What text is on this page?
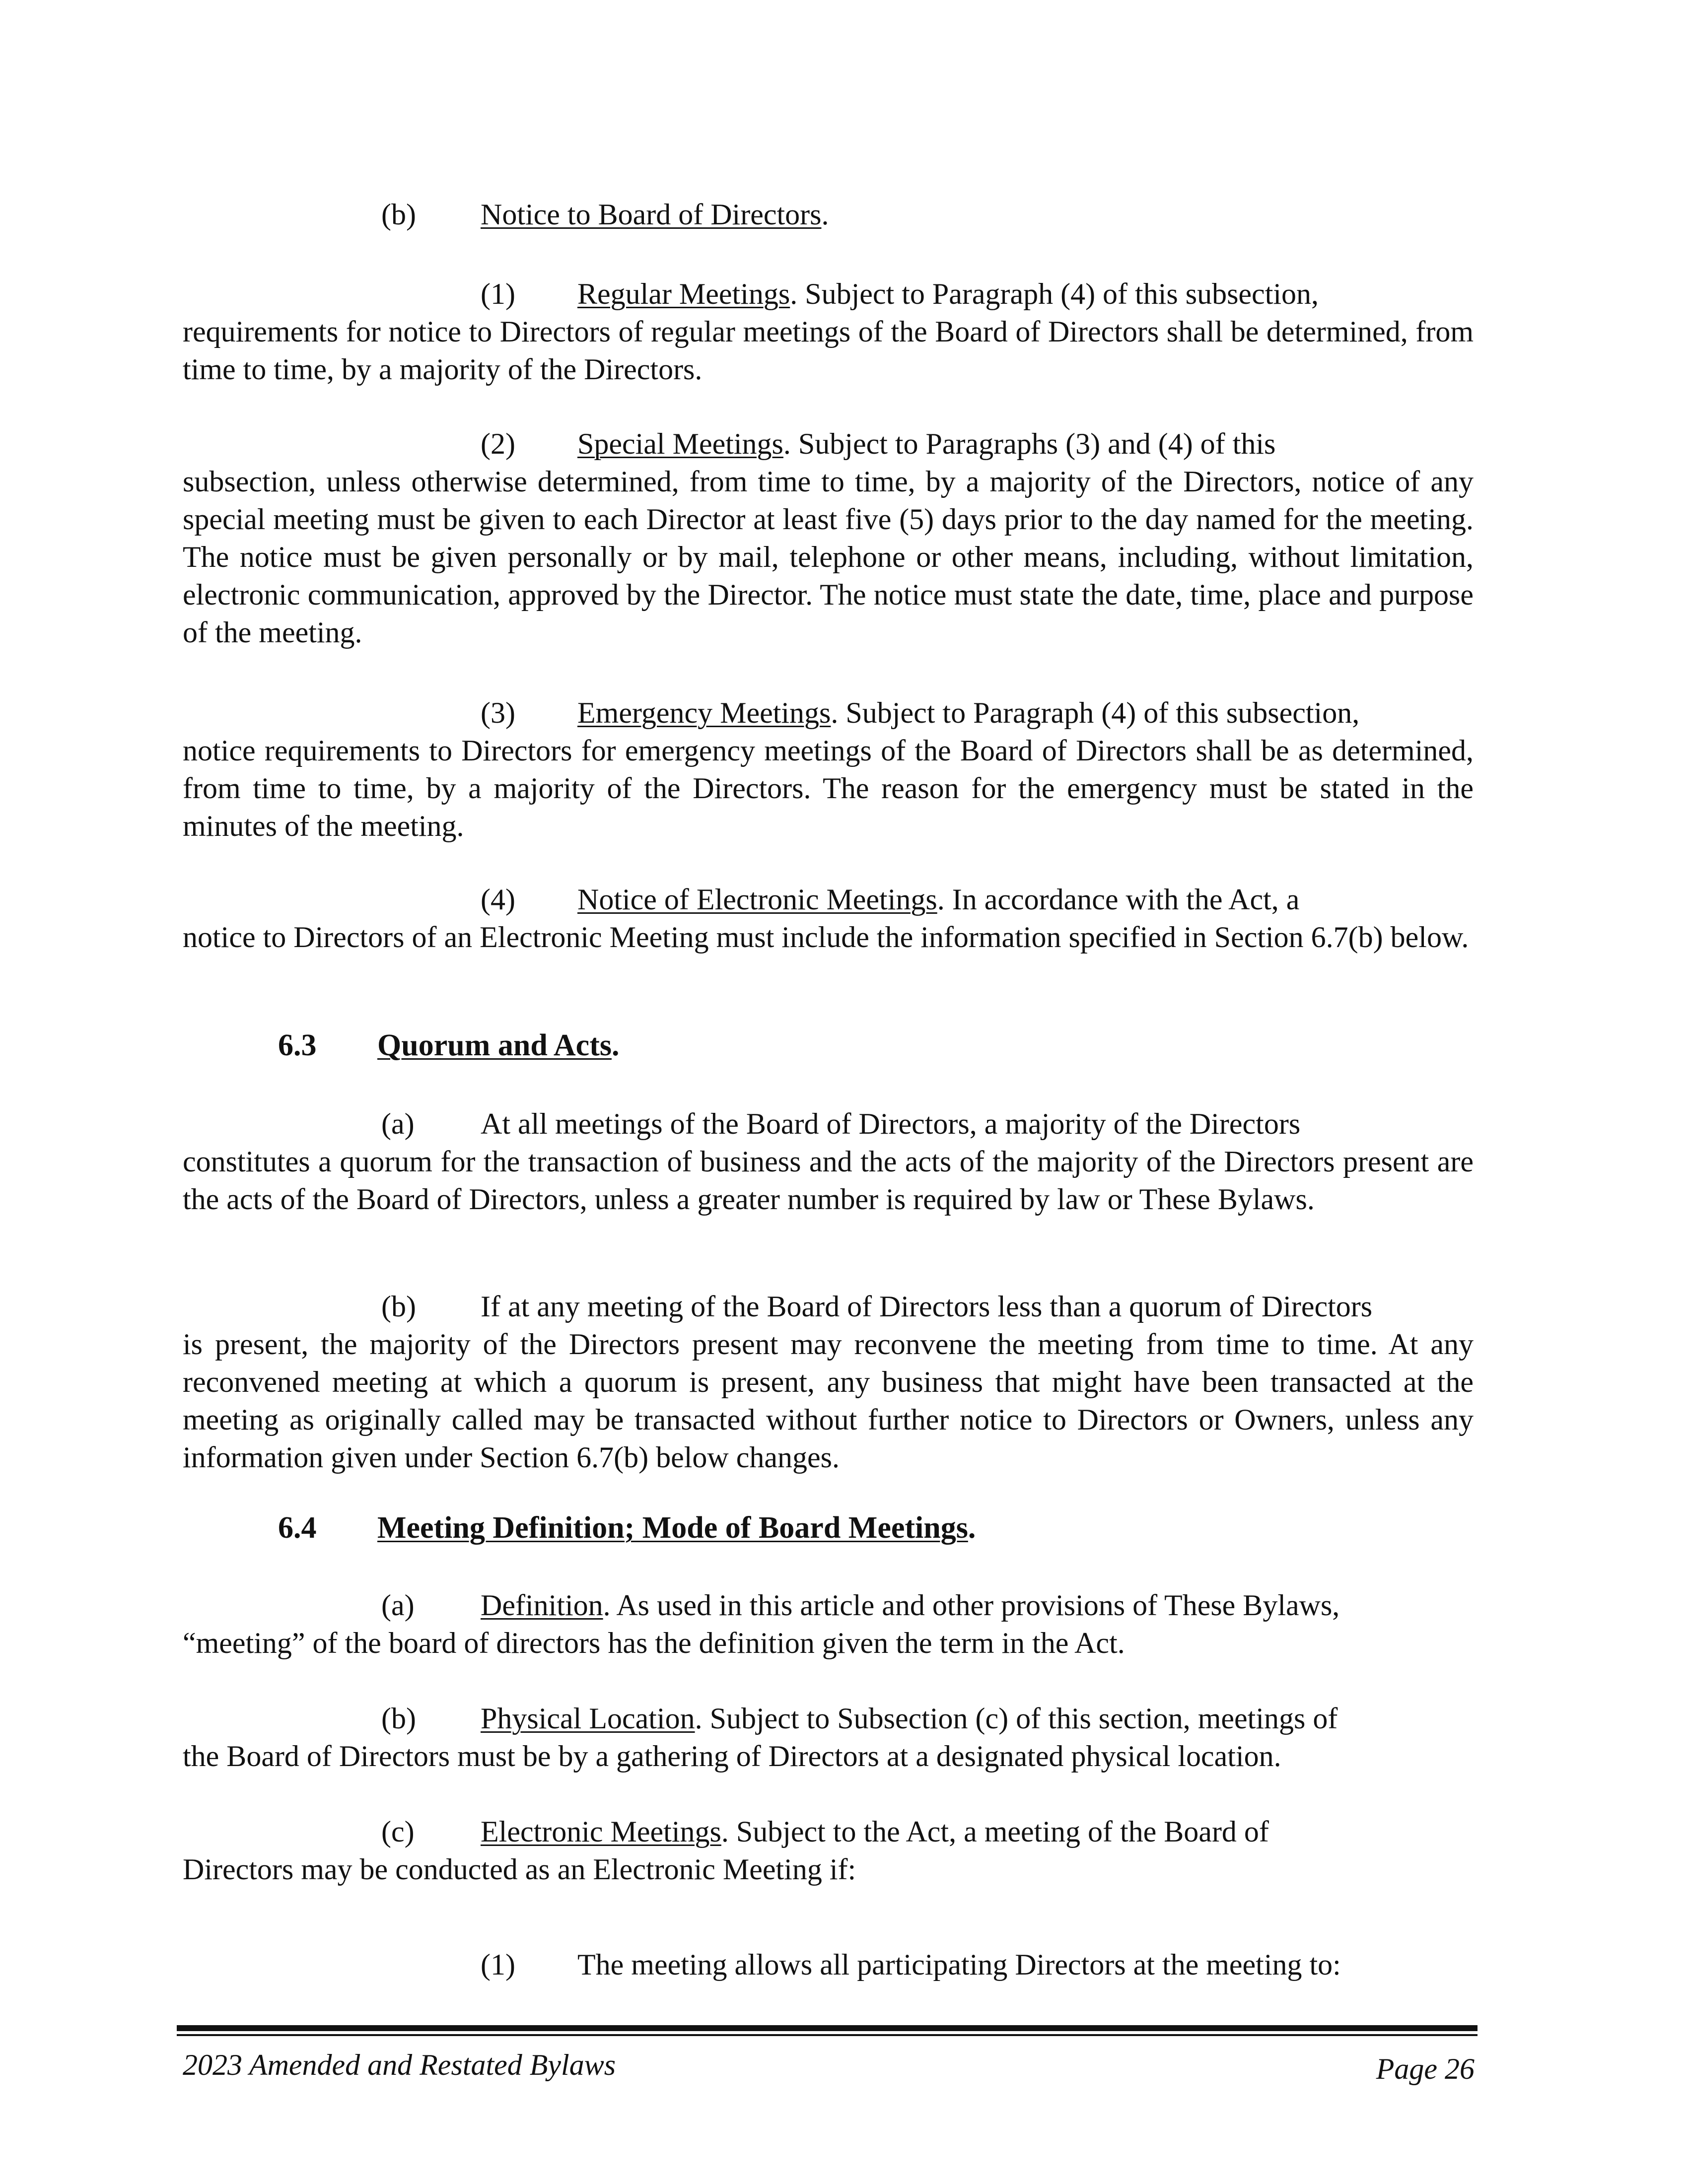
(b) Notice to Board of Directors.

(1) Regular Meetings. Subject to Paragraph (4) of this subsection,

requirements for notice to Directors of regular meetings of the Board of Directors shall be determined, from time to time, by a majority of the Directors.

(2) Special Meetings. Subject to Paragraphs (3) and (4) of this

subsection, unless otherwise determined, from time to time, by a majority of the Directors, notice of any special meeting must be given to each Director at least five (5) days prior to the day named for the meeting. The notice must be given personally or by mail, telephone or other means, including, without limitation, electronic communication, approved by the Director. The notice must state the date, time, place and purpose of the meeting.

(3) Emergency Meetings. Subject to Paragraph (4) of this subsection,

notice requirements to Directors for emergency meetings of the Board of Directors shall be as determined, from time to time, by a majority of the Directors. The reason for the emergency must be stated in the minutes of the meeting.

(4) Notice of Electronic Meetings. In accordance with the Act, a

notice to Directors of an Electronic Meeting must include the information specified in Section 6.7(b) below.

6.3 Quorum and Acts.

(a) At all meetings of the Board of Directors, a majority of the Directors

constitutes a quorum for the transaction of business and the acts of the majority of the Directors present are the acts of the Board of Directors, unless a greater number is required by law or These Bylaws.

(b) If at any meeting of the Board of Directors less than a quorum of Directors

is present, the majority of the Directors present may reconvene the meeting from time to time. At any reconvened meeting at which a quorum is present, any business that might have been transacted at the meeting as originally called may be transacted without further notice to Directors or Owners, unless any information given under Section 6.7(b) below changes.

6.4 Meeting Definition; Mode of Board Meetings.

(a) Definition. As used in this article and other provisions of These Bylaws,

“meeting” of the board of directors has the definition given the term in the Act.

(b) Physical Location. Subject to Subsection (c) of this section, meetings of

the Board of Directors must be by a gathering of Directors at a designated physical location.

(c) Electronic Meetings. Subject to the Act, a meeting of the Board of

Directors may be conducted as an Electronic Meeting if:

(1) The meeting allows all participating Directors at the meeting to:

2023 Amended and Restated Bylaws	Page 26
